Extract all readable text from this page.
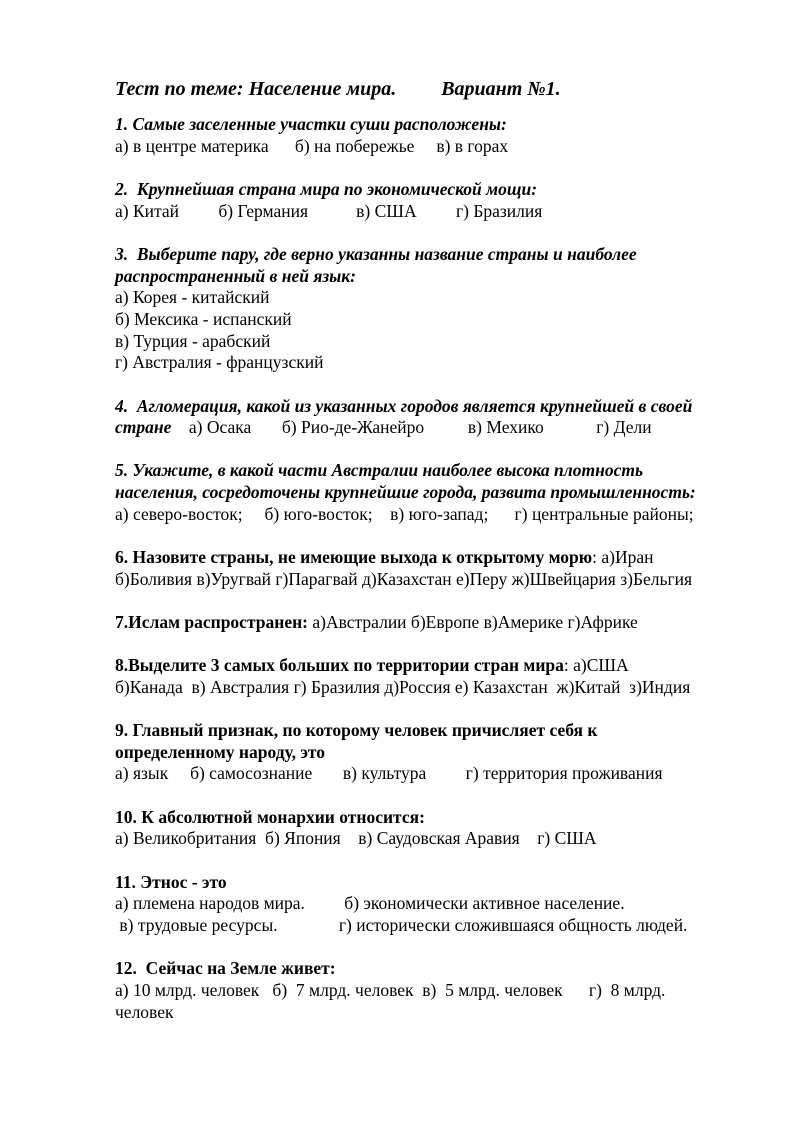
Тест по теме: Население мира.         Вариант №1.
1. Самые заселенные участки суши расположены:
а) в центре материка      б) на побережье     в) в горах
2.  Крупнейшая страна мира по экономической мощи:
а) Китай         б) Германия           в) США         г) Бразилия
3.  Выберите пару, где верно указанны название страны и наиболее
распространенный в ней язык:
а) Корея - китайский
б) Мексика - испанский
в) Турция - арабский
г) Австралия - французский
4.  Агломерация, какой из указанных городов является крупнейшей в своей
стране    а) Осака       б) Рио-де-Жанейро          в) Мехико            г) Дели
5. Укажите, в какой части Австралии наиболее высока плотность
населения, сосредоточены крупнейшие города, развита промышленность:
а) северо-восток;     б) юго-восток;    в) юго-запад;      г) центральные районы;
6. Назовите страны, не имеющие выхода к открытому морю: а)Иран
б)Боливия в)Уругвай г)Парагвай д)Казахстан е)Перу ж)Швейцария з)Бельгия
7.Ислам распространен: а)Австралии б)Европе в)Америке г)Африке
8.Выделите 3 самых больших по территории стран мира: а)США
б)Канада  в) Австралия г) Бразилия д)Россия е) Казахстан  ж)Китай  з)Индия
9. Главный признак, по которому человек причисляет себя к
определенному народу, это
а) язык     б) самосознание       в) культура         г) территория проживания
10. К абсолютной монархии относится:
а) Великобритания  б) Япония    в) Саудовская Аравия    г) США
11. Этнос - это
а) племена народов мира.         б) экономически активное население.
в) трудовые ресурсы.              г) исторически сложившаяся общность людей.
12.  Сейчас на Земле живет:
а) 10 млрд. человек   б)  7 млрд. человек  в)  5 млрд. человек      г)  8 млрд.
человек
